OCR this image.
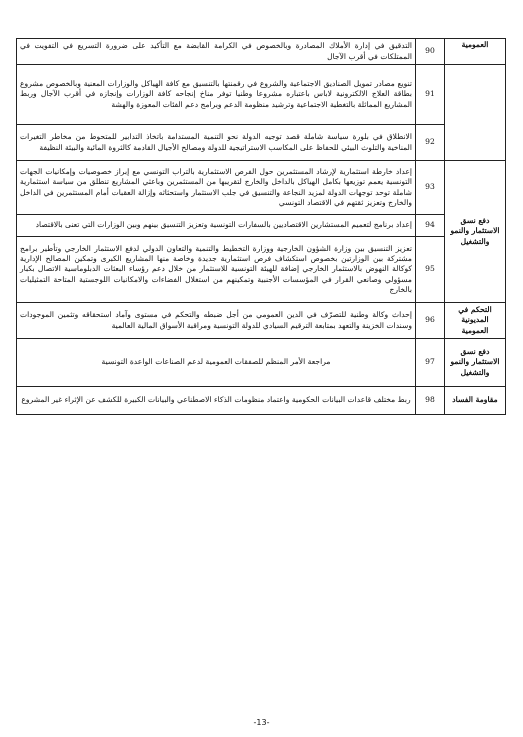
العمومية	90	التدقيق في إدارة الأملاك المصادرة وبالخصوص في الكرامة القابضة مع التأكيد على ضرورة التسريع في التفويت في الممتلكات في أقرب الآجال
	91	تنويع مصادر تمويل الصناديق الاجتماعية والشروع في رقمنتها بالتنسيق مع كافة الهياكل والوزارات المعنية وبالخصوص مشروع بطاقة العلاج الالكترونية لاباس باعتباره مشروعا وطنيا توفر مناخ إنجاحه كافة الوزارات وإنجازه في أقرب الآجال وربط المشاريع المماثلة بالتغطية الاجتماعية وترشيد منظومة الدعم وبرامج دعم الفئات المعوزة والهشة
	92	الانطلاق في بلورة سياسة شاملة قصد توجيه الدولة نحو التنمية المستدامة باتخاذ التدابير للمتحوط من مخاطر التغيرات المناخية والتلوث البيئي للحفاظ على المكاسب الاستراتيجية للدولة ومصالح الأجيال القادمة كالثروة المائية والبيئة النظيفة
دفع نسق الاستثمار والنمو والتشغيل	93	إعداد خارطة استثمارية لإرشاد المستثمرين حول الفرص الاستثمارية بالتراب التونسي مع إبراز خصوصيات وإمكانيات الجهات التونسية يعمم توزيعها بكامل الهياكل بالداخل والخارج لتقريبها من المستثمرين وباعثي المشاريع تنطلق من سياسة استثمارية شاملة توحد توجهات الدولة لمزيد النجاعة والتنسيق في جلب الاستثمار واستحثاثه وإزالة العقبات أمام المستثمرين في الداخل والخارج وتعزيز ثقتهم في الاقتصاد التونسي
	94	إعداد برنامج لتعميم المستشارين الاقتصاديين بالسفارات التونسية وتعزيز التنسيق بينهم وبين الوزارات التي تعنى بالاقتصاد
	95	تعزيز التنسيق بين وزارة الشؤون الخارجية ووزارة التخطيط والتنمية والتعاون الدولي لدفع الاستثمار الخارجي وتأطير برامج مشتركة بين الوزارتين بخصوص استكشاف فرص استثمارية جديدة وخاصة منها المشاريع الكبرى وتمكين المصالح الإدارية كوكالة النهوض بالاستثمار الخارجي إضافة للهيئة التونسية للاستثمار من خلال دعم رؤساء البعثات الدبلوماسية الاتصال بكبار مسؤولي وصانعي القرار في المؤسسات الأجنبية وتمكينهم من استغلال الفضاءات والامكانيات اللوجستية المتاحة التمثيليات بالخارج
التحكم في المديونية العمومية	96	إحداث وكالة وطنية للتصرّف في الدين العمومي من أجل ضبطه والتحكم في مستوى وآماد استحقاقه وتثمين الموجودات وسندات الخزينة والتعهد بمتابعة الترقيم السيادي للدولة التونسية ومراقبة الأسواق المالية العالمية
دفع نسق الاستثمار والنمو والتشغيل	97	مراجعة الأمر المنظم للصفقات العمومية لدعم الصناعات الواعدة التونسية
مقاومة الفساد	98	ربط مختلف قاعدات البيانات الحكومية واعتماد منظومات الذكاء الاصطناعي والبيانات الكبيرة للكشف عن الإثراء غير المشروع
-13-
